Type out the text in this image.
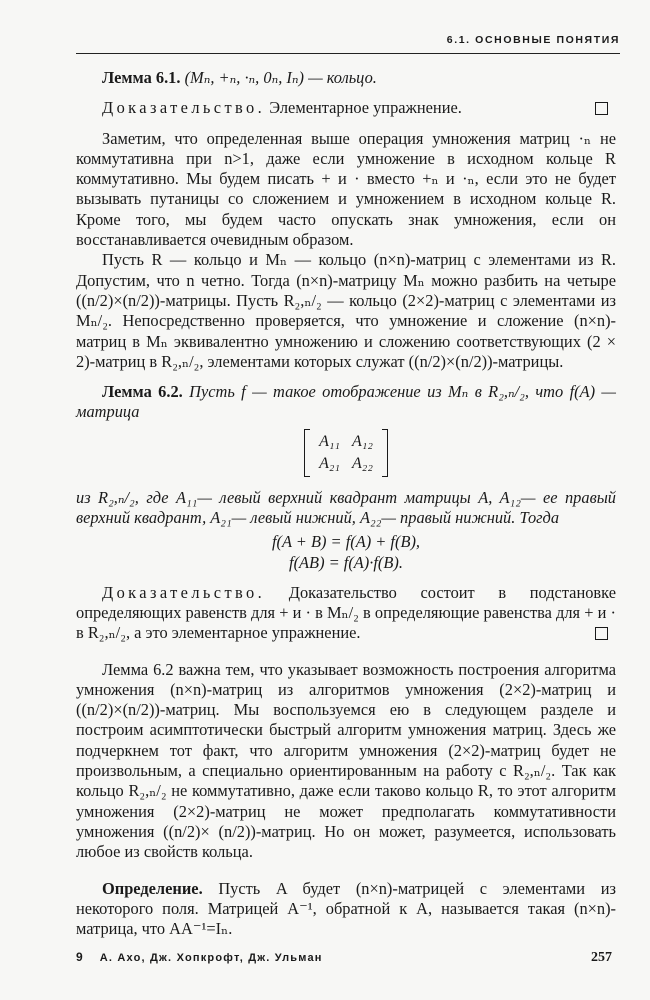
6.1. ОСНОВНЫЕ ПОНЯТИЯ

Лемма 6.1. (Mₙ, +ₙ, ·ₙ, 0ₙ, Iₙ) — кольцо.

Доказательство. Элементарное упражнение.

Заметим, что определенная выше операция умножения матриц ·ₙ не коммутативна при n>1, даже если умножение в исходном кольце R коммутативно. Мы будем писать + и · вместо +ₙ и ·ₙ, если это не будет вызывать путаницы со сложением и умножением в исходном кольце R. Кроме того, мы будем часто опускать знак умножения, если он восстанавливается очевидным образом.

Пусть R — кольцо и Mₙ — кольцо (n×n)-матриц с элементами из R. Допустим, что n четно. Тогда (n×n)-матрицу Mₙ можно разбить на четыре ((n/2)×(n/2))-матрицы. Пусть R₂,ₙ/₂ — кольцо (2×2)-матриц с элементами из Mₙ/₂. Непосредственно проверяется, что умножение и сложение (n×n)-матриц в Mₙ эквивалентно умножению и сложению соответствующих (2 × 2)-матриц в R₂,ₙ/₂, элементами которых служат ((n/2)×(n/2))-матрицы.

Лемма 6.2. Пусть f — такое отображение из Mₙ в R₂,ₙ/₂, что f(A) — матрица

A₁₁	A₁₂
A₂₁	A₂₂

из R₂,ₙ/₂, где A₁₁— левый верхний квадрант матрицы A, A₁₂— ее правый верхний квадрант, A₂₁— левый нижний, A₂₂— правый нижний. Тогда

f(A + B) = f(A) + f(B),
f(AB) = f(A)·f(B).

Доказательство. Доказательство состоит в подстановке определяющих равенств для + и · в Mₙ/₂ в определяющие равенства для + и · в R₂,ₙ/₂, а это элементарное упражнение.

Лемма 6.2 важна тем, что указывает возможность построения алгоритма умножения (n×n)-матриц из алгоритмов умножения (2×2)-матриц и ((n/2)×(n/2))-матриц. Мы воспользуемся ею в следующем разделе и построим асимптотически быстрый алгоритм умножения матриц. Здесь же подчеркнем тот факт, что алгоритм умножения (2×2)-матриц будет не произвольным, а специально ориентированным на работу с R₂,ₙ/₂. Так как кольцо R₂,ₙ/₂ не коммутативно, даже если таково кольцо R, то этот алгоритм умножения (2×2)-матриц не может предполагать коммутативности умножения ((n/2)× (n/2))-матриц. Но он может, разумеется, использовать любое из свойств кольца.

Определение. Пусть A будет (n×n)-матрицей с элементами из некоторого поля. Матрицей A⁻¹, обратной к A, называется такая (n×n)-матрица, что AA⁻¹=Iₙ.

9 А. Ахо, Дж. Хопкрофт, Дж. Ульман	257
